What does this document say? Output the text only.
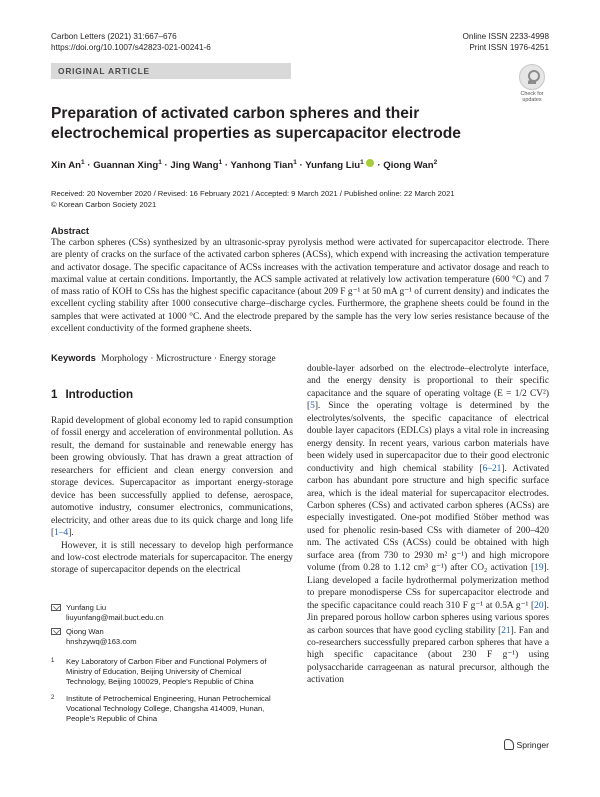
Carbon Letters (2021) 31:667–676
https://doi.org/10.1007/s42823-021-00241-6
Online ISSN 2233-4998
Print ISSN 1976-4251
ORIGINAL ARTICLE
Check for updates
Preparation of activated carbon spheres and their electrochemical properties as supercapacitor electrode
Xin $An^1$ · Guannan Xing$^1$ · Jing Wang$^1$ · Yanhong Tian$^1$ · Yunfang Liu$^1$ · Qiong Wan$^2$
Received: 20 November 2020 / Revised: 16 February 2021 / Accepted: 9 March 2021 / Published online: 22 March 2021
© Korean Carbon Society 2021
Abstract

The carbon spheres (CSs) synthesized by an ultrasonic-spray pyrolysis method were activated for supercapacitor electrode. There are plenty of cracks on the surface of the activated carbon spheres (ACSs), which expend with increasing the activation temperature and activator dosage. The specific capacitance of ACSs increases with the activation temperature and activator dosage and reach to maximal value at certain conditions. Importantly, the ACS sample activated at relatively low activation temperature (600 °C) and 7 of mass ratio of KOH to CSs has the highest specific capacitance (about 209 F g⁻¹ at 50 mA g⁻¹ of current density) and indicates the excellent cycling stability after 1000 consecutive charge–discharge cycles. Furthermore, the graphene sheets could be found in the samples that were activated at 1000 °C. And the electrode prepared by the sample has the very low series resistance because of the excellent conductivity of the formed graphene sheets.

Keywords Morphology · Microstructure · Energy storage
1 Introduction

Rapid development of global economy led to rapid consumption of fossil energy and acceleration of environmental pollution. As result, the demand for sustainable and renewable energy has been growing obviously. That has drawn a great attraction of researchers for efficient and clean energy conversion and storage devices. Supercapacitor as important energy-storage device has been successfully applied to defense, aerospace, automotive industry, consumer electronics, communications, electricity, and other areas due to its quick charge and long life [1–4].

However, it is still necessary to develop high performance and low-cost electrode materials for supercapacitor. The energy storage of supercapacitor depends on the electrical

double-layer adsorbed on the electrode–electrolyte interface, and the energy density is proportional to their specific capacitance and the square of operating voltage (E = 1/2 CV²) [5]. Since the operating voltage is determined by the electrolytes/solvents, the specific capacitance of electrical double layer capacitors (EDLCs) plays a vital role in increasing energy density. In recent years, various carbon materials have been widely used in supercapacitor due to their good electronic conductivity and high chemical stability [6–21]. Activated carbon has abundant pore structure and high specific surface area, which is the ideal material for supercapacitor electrodes. Carbon spheres (CSs) and activated carbon spheres (ACSs) are especially investigated. One-pot modified Stöber method was used for phenolic resin-based CSs with diameter of 200–420 nm. The activated CSs (ACSs) could be obtained with high surface area (from 730 to 2930 m² g⁻¹) and high micropore volume (from 0.28 to 1.12 cm³ g⁻¹) after CO₂ activation [19]. Liang developed a facile hydrothermal polymerization method to prepare monodisperse CSs for supercapacitor electrode and the specific capacitance could reach 310 F g⁻¹ at 0.5A g⁻¹ [20]. Jin prepared porous hollow carbon spheres using various spores as carbon sources that have good cycling stability [21]. Fan and co-researchers successfully prepared carbon spheres that have a high specific capacitance (about 230 F g⁻¹) using polysaccharide carrageenan as natural precursor, although the activation

Yunfang Liu
liuyunfang@mail.buct.edu.cn
Qiong Wan
hnshzywq@163.com
1 Key Laboratory of Carbon Fiber and Functional Polymers of Ministry of Education, Beijing University of Chemical Technology, Beijing 100029, People’s Republic of China
2 Institute of Petrochemical Engineering, Hunan Petrochemical Vocational Technology College, Changsha 414009, Hunan, People’s Republic of China
Springer
